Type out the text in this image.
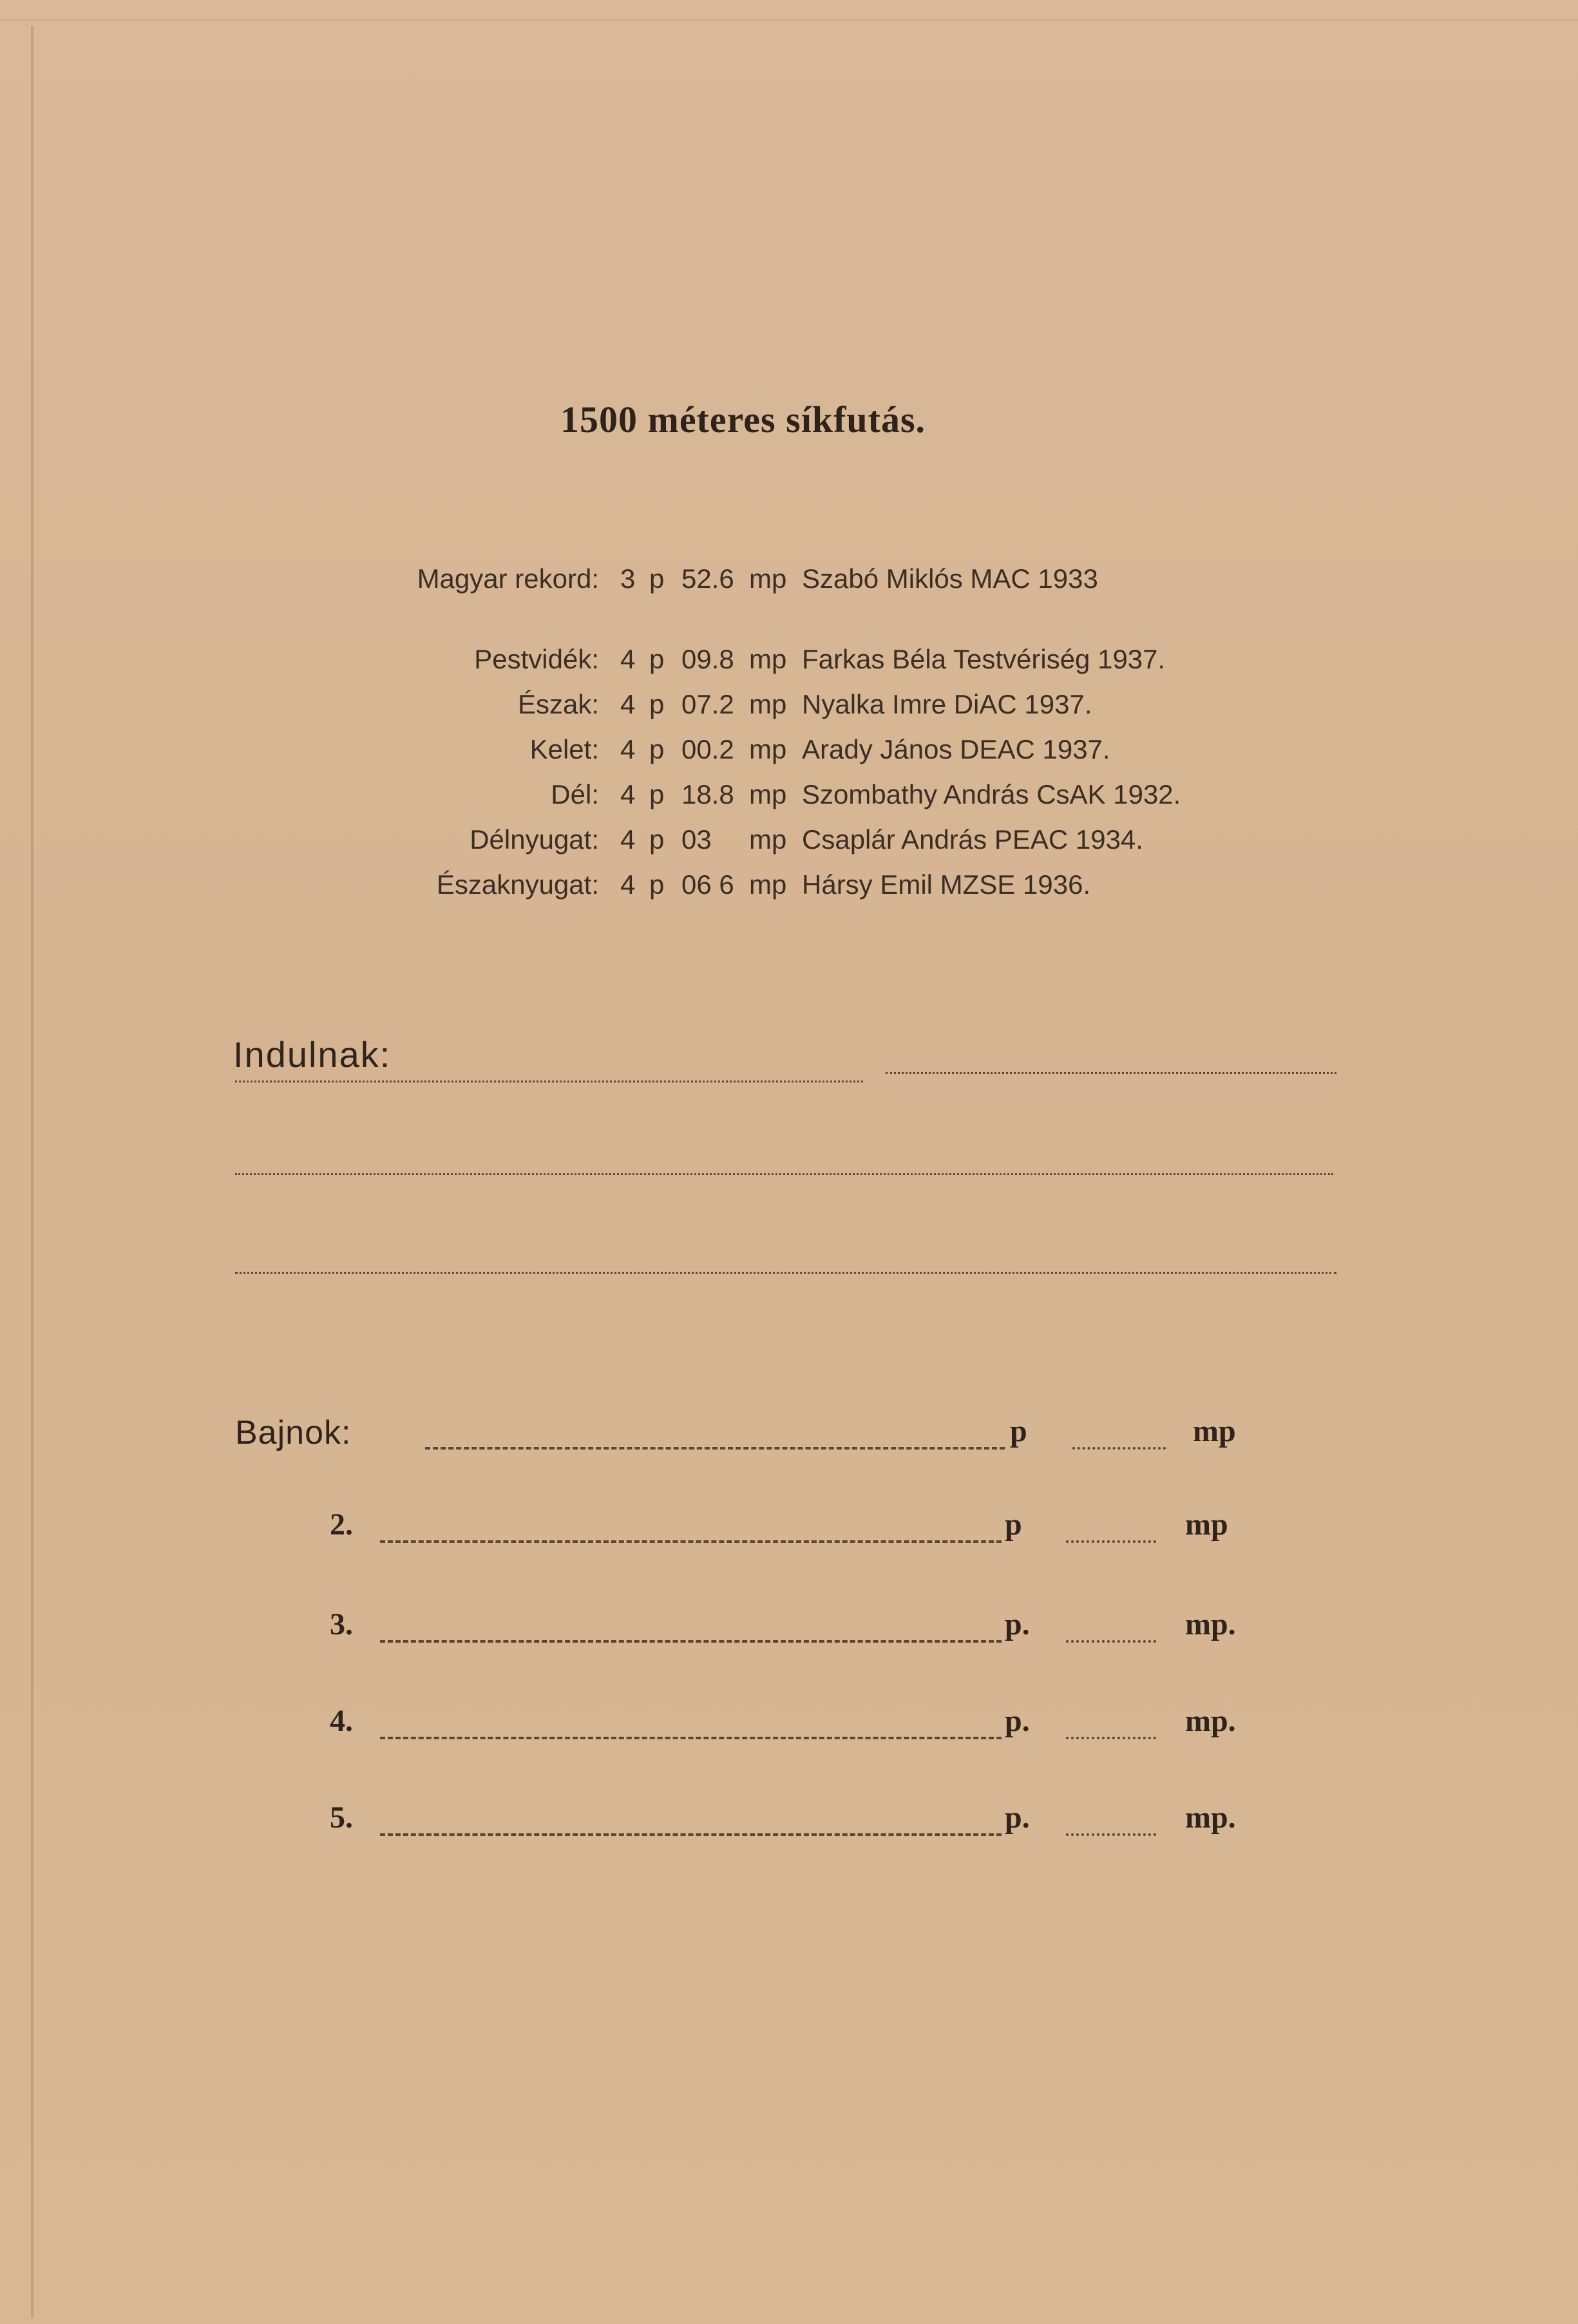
1500 méteres síkfutás.
Magyar rekord: 3 p 52.6 mp Szabó Miklós MAC 1933
Pestvidék: 4 p 09.8 mp Farkas Béla Testvériség 1937.
Észak: 4 p 07.2 mp Nyalka Imre DiAC 1937.
Kelet: 4 p 00.2 mp Arady János DEAC 1937.
Dél: 4 p 18.8 mp Szombathy András CsAK 1932.
Délnyugat: 4 p 03 mp Csaplár András PEAC 1934.
Északnyugat: 4 p 06 6 mp Hársy Emil MZSE 1936.
Indulnak:
Bajnok:	p	mp
2.	p	mp
3.	p.	mp.
4.	p.	mp.
5.	p.	mp.
